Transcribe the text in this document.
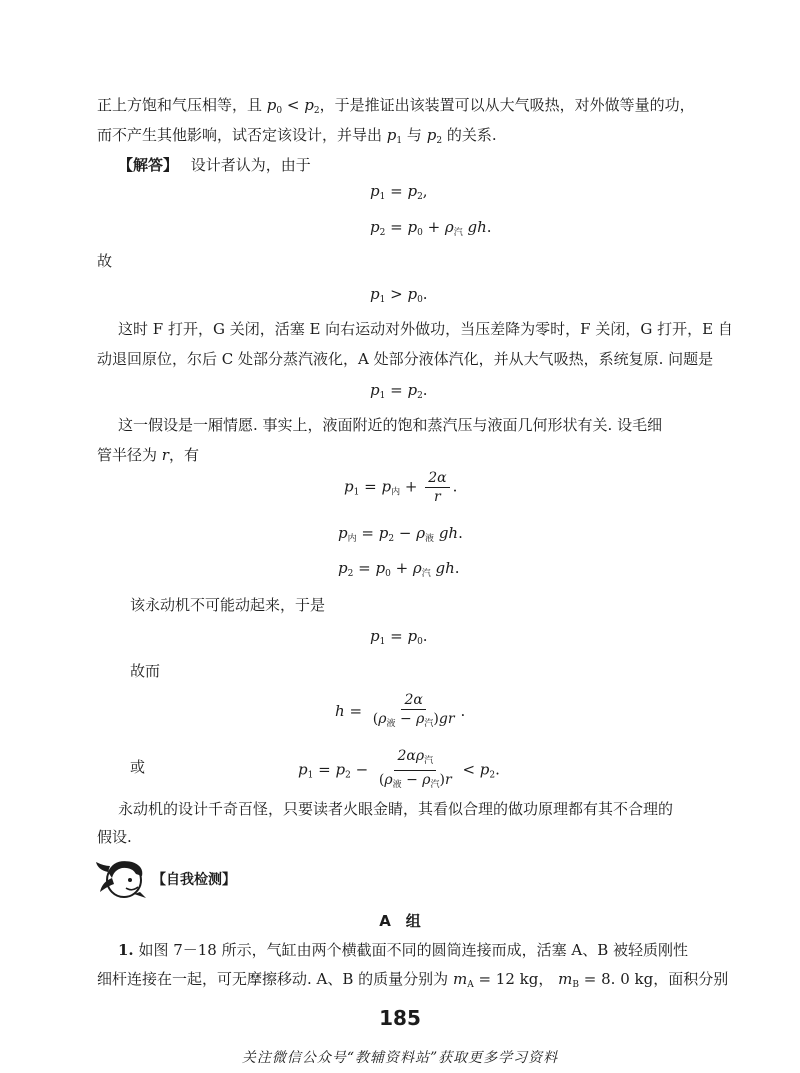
正上方饱和气压相等，且 $p_0 < p_2$，于是推证出该装置可以从大气吸热，对外做等量的功，
而不产生其他影响，试否定该设计，并导出 $p_1$ 与 $p_2$ 的关系.
【解答】 设计者认为，由于
$p_1 = p_2$,
$p_2 = p_0 + \rho_汽$ gh.
故
$p_1 > p_0$.
这时 F 打开，G 关闭，活塞 E 向右运动对外做功，当压差降为零时，F 关闭，G 打开，E 自
动退回原位，尔后 C 处部分蒸汽液化，A 处部分液体汽化，并从大气吸热，系统复原. 问题是
$p_1 = p_2$.
这一假设是一厢情愿. 事实上，液面附近的饱和蒸汽压与液面几何形状有关. 设毛细
管半径为 r，有
$p_1 = p_内 + \frac{2\alpha}{r}$ .
$p_内 = p_2 - \rho_液$ gh.
$p_2 = p_0 + \rho_汽$ gh.
该永动机不可能动起来，于是
$p_1 = p_0$.
故而
$h = \frac{2\alpha}{(\rho_液 - \rho_汽)gr}$ .
或	$p_1 = p_2 - \frac{2\alpha\rho_汽}{(\rho_液 - \rho_汽)r} < p_2$.
永动机的设计千奇百怪，只要读者火眼金睛，其看似合理的做功原理都有其不合理的
假设.
【自我检测】
A　组
1. 如图 7－18 所示，气缸由两个横截面不同的圆筒连接而成，活塞 A、B 被轻质刚性
细杆连接在一起，可无摩擦移动. A、B 的质量分别为 $m_A = 12$ kg， $m_B = 8$. 0 kg，面积分别
185
关注微信公众号“教辅资料站”获取更多学习资料
